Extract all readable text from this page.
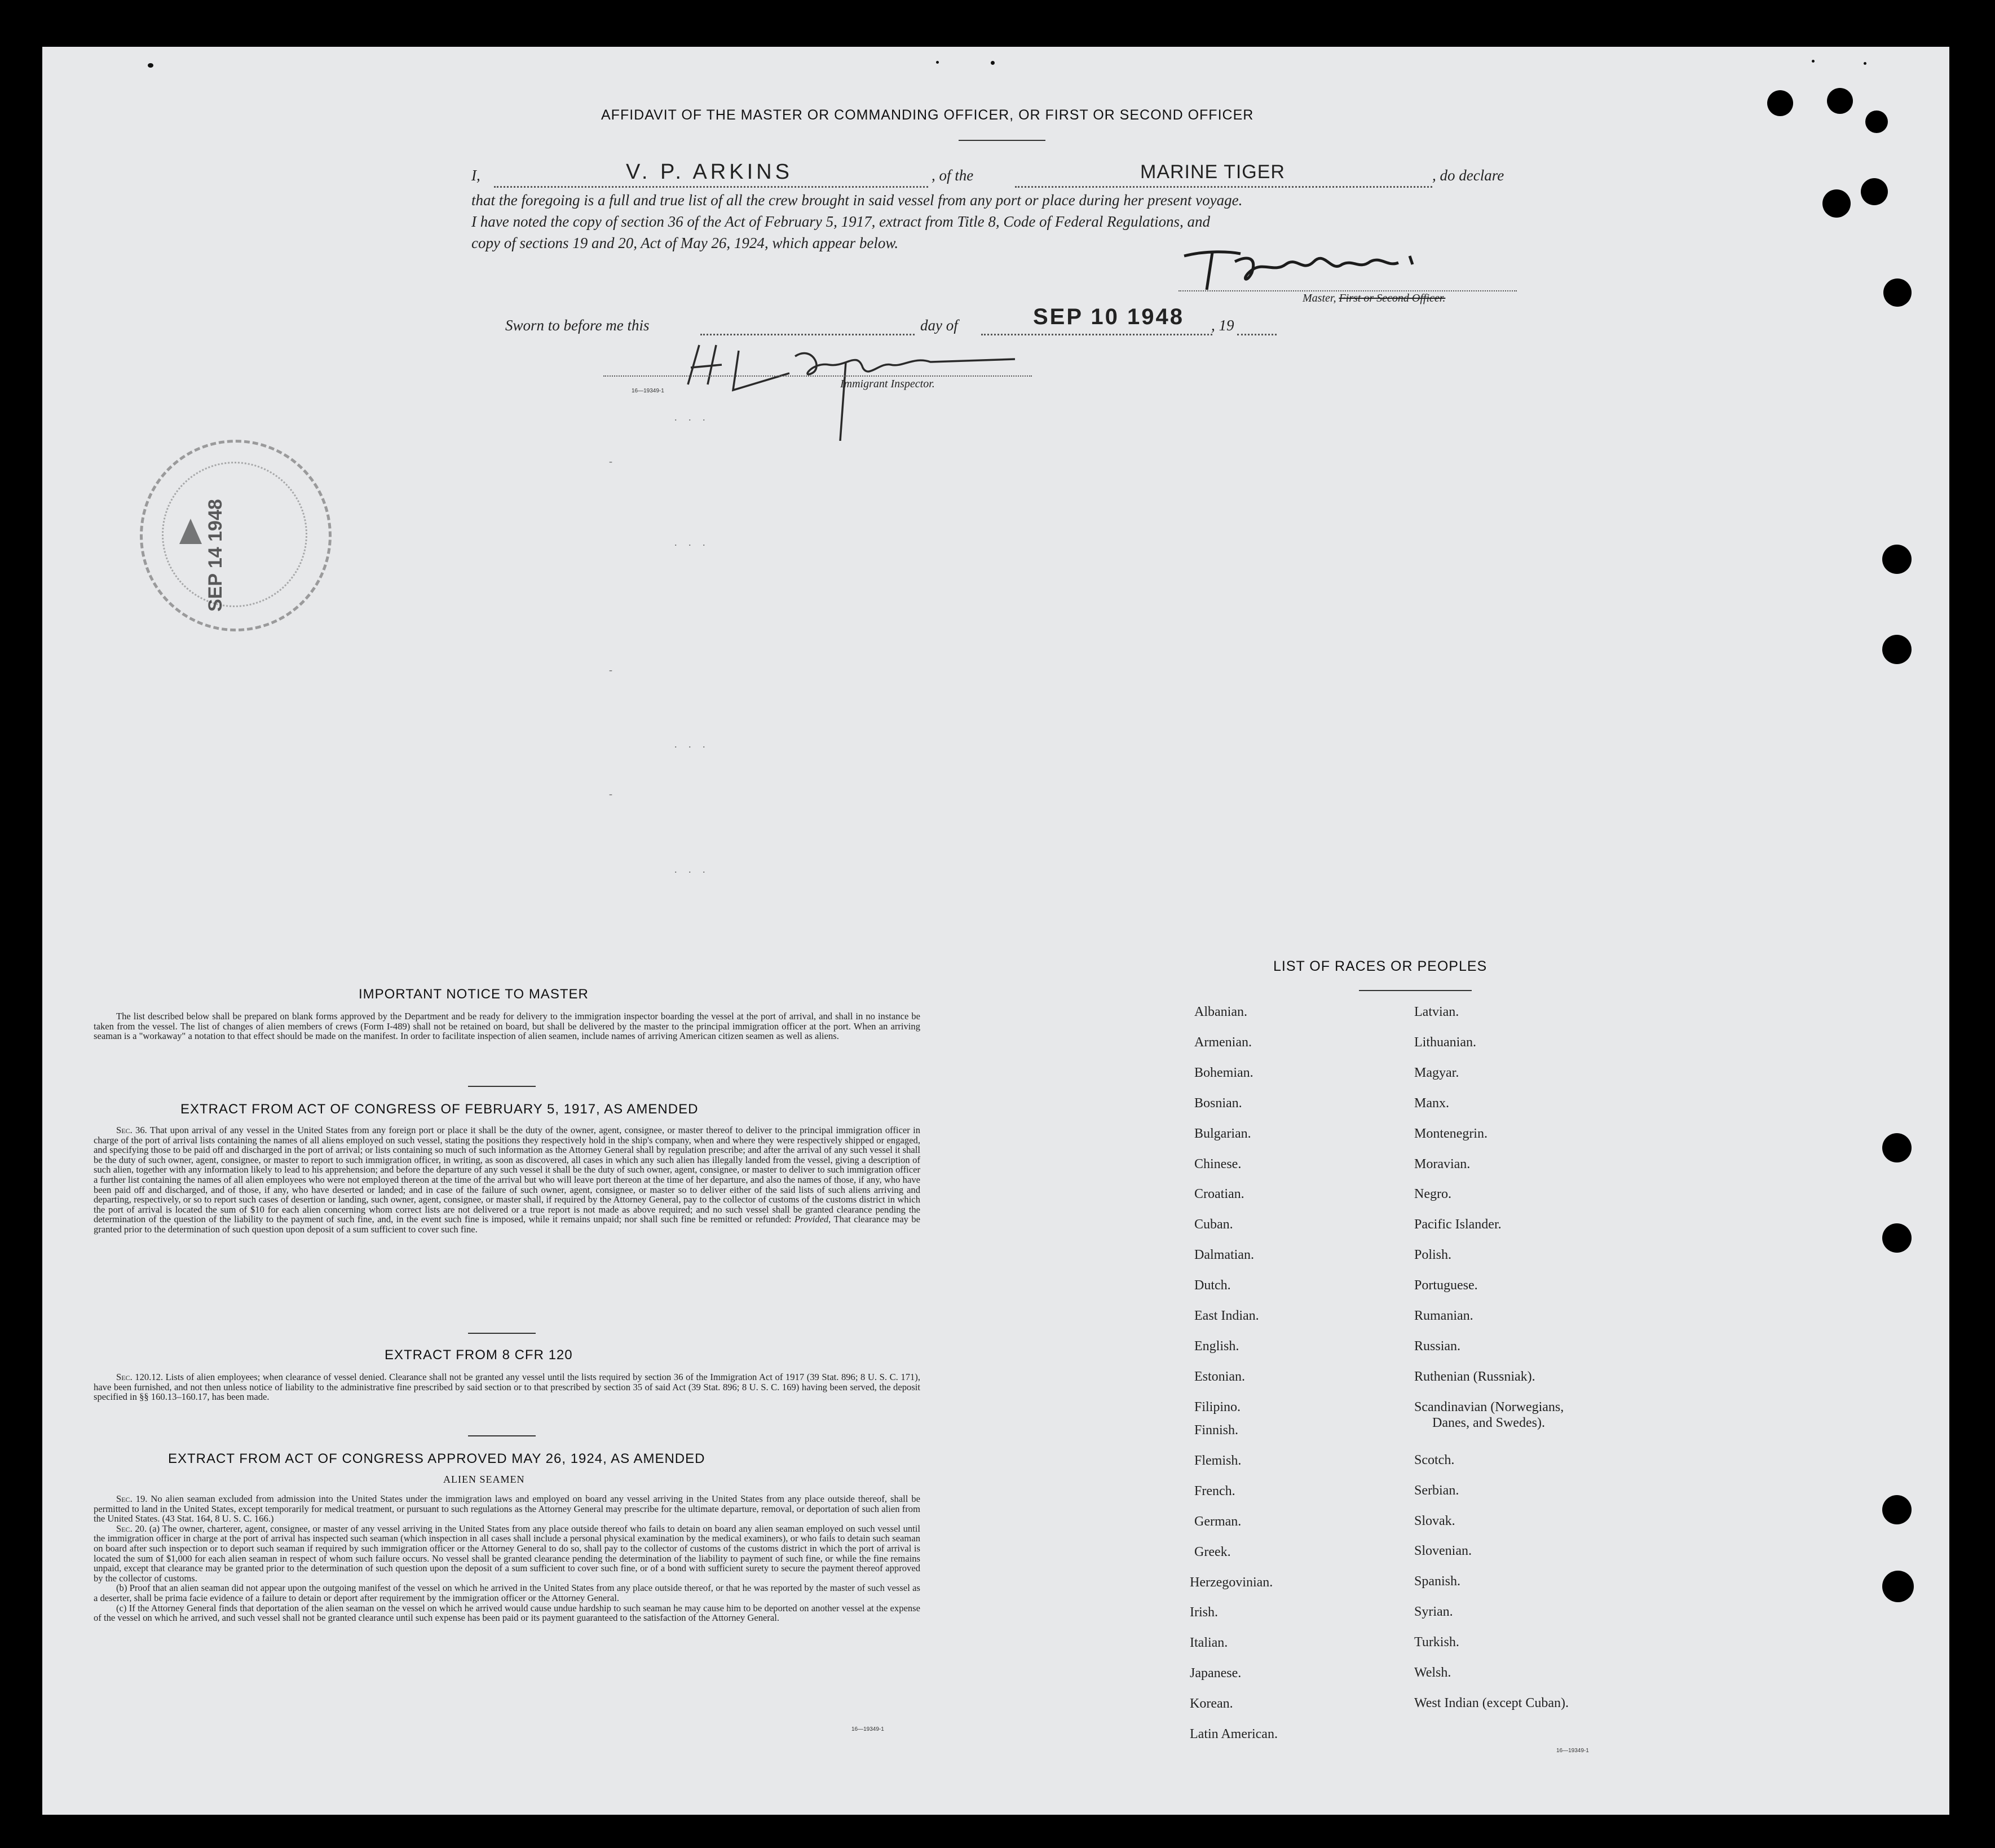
AFFIDAVIT OF THE MASTER OR COMMANDING OFFICER, OR FIRST OR SECOND OFFICER
I,	V. P. ARKINS	, of the	MARINE TIGER	, do declare
that the foregoing is a full and true list of all the crew brought in said vessel from any port or place during her present voyage.
I have noted the copy of section 36 of the Act of February 5, 1917, extract from Title 8, Code of Federal Regulations, and
copy of sections 19 and 20, Act of May 26, 1924, which appear below.
Master, First or Second Officer.
Sworn to before me this	day of	SEP 10 1948 , 19
16—19349-1
Immigrant Inspector.
. . .
. . .
. . .
. . .
-
-
-
SEP 14 1948
IMPORTANT NOTICE TO MASTER

The list described below shall be prepared on blank forms approved by the Department and be ready for delivery to the immigration inspector boarding the vessel at the port of arrival, and shall in no instance be taken from the vessel. The list of changes of alien members of crews (Form I-489) shall not be retained on board, but shall be delivered by the master to the principal immigration officer at the port. When an arriving seaman is a "workaway" a notation to that effect should be made on the manifest. In order to facilitate inspection of alien seamen, include names of arriving American citizen seamen as well as aliens.

EXTRACT FROM ACT OF CONGRESS OF FEBRUARY 5, 1917, AS AMENDED

Sec. 36. That upon arrival of any vessel in the United States from any foreign port or place it shall be the duty of the owner, agent, consignee, or master thereof to deliver to the principal immigration officer in charge of the port of arrival lists containing the names of all aliens employed on such vessel, stating the positions they respectively hold in the ship's company, when and where they were respectively shipped or engaged, and specifying those to be paid off and discharged in the port of arrival; or lists containing so much of such information as the Attorney General shall by regulation prescribe; and after the arrival of any such vessel it shall be the duty of such owner, agent, consignee, or master to report to such immigration officer, in writing, as soon as discovered, all cases in which any such alien has illegally landed from the vessel, giving a description of such alien, together with any information likely to lead to his apprehension; and before the departure of any such vessel it shall be the duty of such owner, agent, consignee, or master to deliver to such immigration officer a further list containing the names of all alien employees who were not employed thereon at the time of the arrival but who will leave port thereon at the time of her departure, and also the names of those, if any, who have been paid off and discharged, and of those, if any, who have deserted or landed; and in case of the failure of such owner, agent, consignee, or master so to deliver either of the said lists of such aliens arriving and departing, respectively, or so to report such cases of desertion or landing, such owner, agent, consignee, or master shall, if required by the Attorney General, pay to the collector of customs of the customs district in which the port of arrival is located the sum of $10 for each alien concerning whom correct lists are not delivered or a true report is not made as above required; and no such vessel shall be granted clearance pending the determination of the question of the liability to the payment of such fine, and, in the event such fine is imposed, while it remains unpaid; nor shall such fine be remitted or refunded: Provided, That clearance may be granted prior to the determination of such question upon deposit of a sum sufficient to cover such fine.

EXTRACT FROM 8 CFR 120

Sec. 120.12. Lists of alien employees; when clearance of vessel denied. Clearance shall not be granted any vessel until the lists required by section 36 of the Immigration Act of 1917 (39 Stat. 896; 8 U. S. C. 171), have been furnished, and not then unless notice of liability to the administrative fine prescribed by said section or to that prescribed by section 35 of said Act (39 Stat. 896; 8 U. S. C. 169) having been served, the deposit specified in §§ 160.13–160.17, has been made.

EXTRACT FROM ACT OF CONGRESS APPROVED MAY 26, 1924, AS AMENDED
ALIEN SEAMEN

Sec. 19. No alien seaman excluded from admission into the United States under the immigration laws and employed on board any vessel arriving in the United States from any place outside thereof, shall be permitted to land in the United States, except temporarily for medical treatment, or pursuant to such regulations as the Attorney General may prescribe for the ultimate departure, removal, or deportation of such alien from the United States. (43 Stat. 164, 8 U. S. C. 166.)

Sec. 20. (a) The owner, charterer, agent, consignee, or master of any vessel arriving in the United States from any place outside thereof who fails to detain on board any alien seaman employed on such vessel until the immigration officer in charge at the port of arrival has inspected such seaman (which inspection in all cases shall include a personal physical examination by the medical examiners), or who fails to detain such seaman on board after such inspection or to deport such seaman if required by such immigration officer or the Attorney General to do so, shall pay to the collector of customs of the customs district in which the port of arrival is located the sum of $1,000 for each alien seaman in respect of whom such failure occurs. No vessel shall be granted clearance pending the determination of the liability to payment of such fine, or while the fine remains unpaid, except that clearance may be granted prior to the determination of such question upon the deposit of a sum sufficient to cover such fine, or of a bond with sufficient surety to secure the payment thereof approved by the collector of customs.

(b) Proof that an alien seaman did not appear upon the outgoing manifest of the vessel on which he arrived in the United States from any place outside thereof, or that he was reported by the master of such vessel as a deserter, shall be prima facie evidence of a failure to detain or deport after requirement by the immigration officer or the Attorney General.

(c) If the Attorney General finds that deportation of the alien seaman on the vessel on which he arrived would cause undue hardship to such seaman he may cause him to be deported on another vessel at the expense of the vessel on which he arrived, and such vessel shall not be granted clearance until such expense has been paid or its payment guaranteed to the satisfaction of the Attorney General.

16—19349-1
LIST OF RACES OR PEOPLES
Albanian.
Armenian.
Bohemian.
Bosnian.
Bulgarian.
Chinese.
Croatian.
Cuban.
Dalmatian.
Dutch.
East Indian.
English.
Estonian.
Filipino.
Finnish.
Flemish.
French.
German.
Greek.
Herzegovinian.
Irish.
Italian.
Japanese.
Korean.
Latin American.
Latvian.
Lithuanian.
Magyar.
Manx.
Montenegrin.
Moravian.
Negro.
Pacific Islander.
Polish.
Portuguese.
Rumanian.
Russian.
Ruthenian (Russniak).
Scandinavian (Norwegians,
Danes, and Swedes).
Scotch.
Serbian.
Slovak.
Slovenian.
Spanish.
Syrian.
Turkish.
Welsh.
West Indian (except Cuban).
16—19349-1
